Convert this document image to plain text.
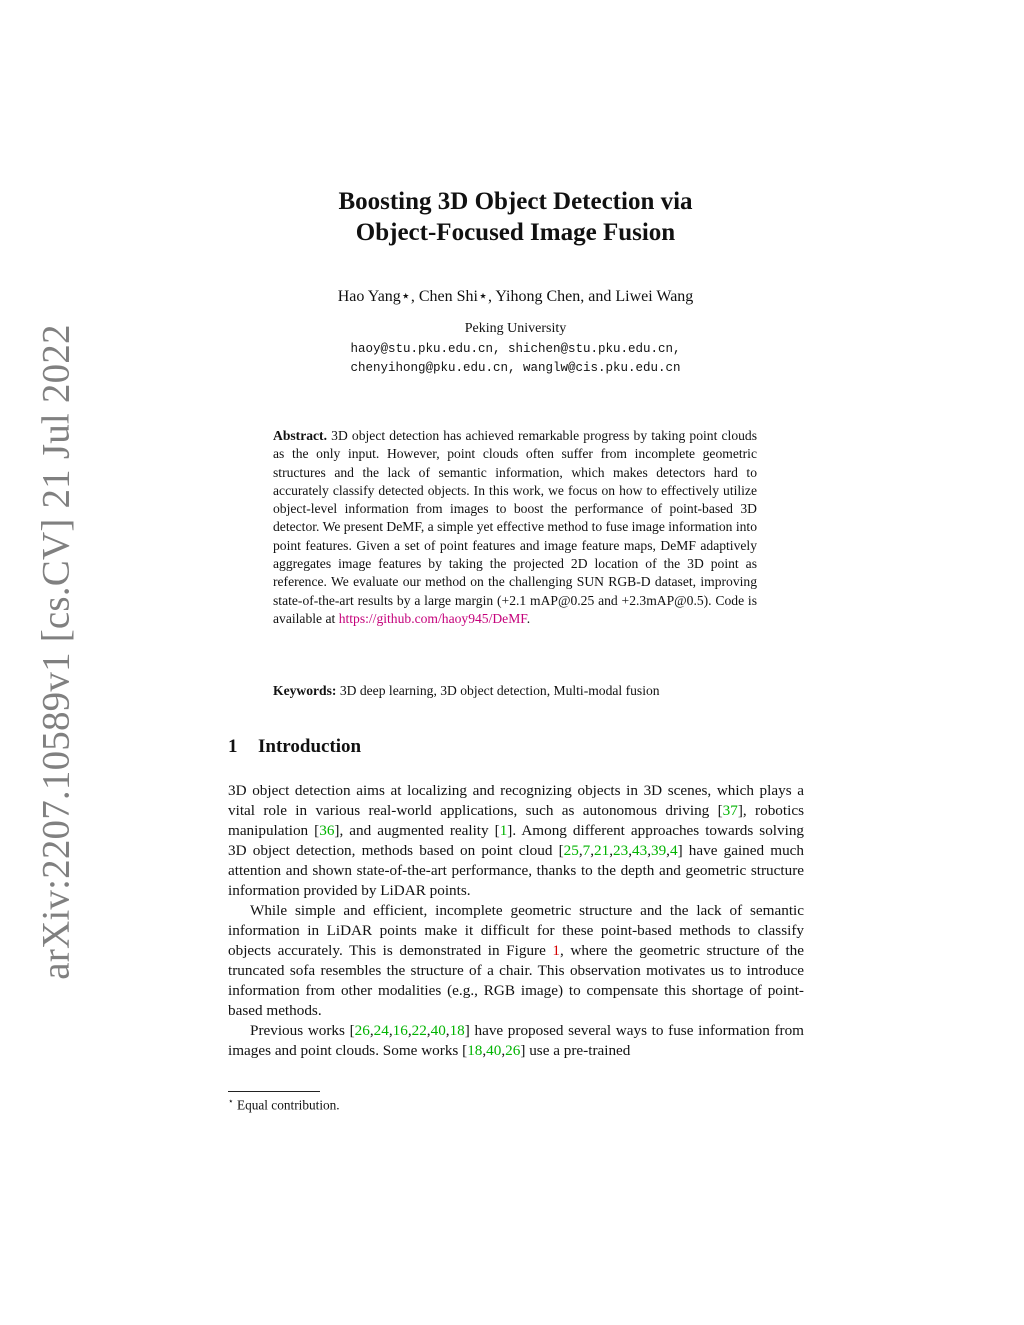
arXiv:2207.10589v1 [cs.CV] 21 Jul 2022
Boosting 3D Object Detection via
Object-Focused Image Fusion
Hao Yang⋆, Chen Shi⋆, Yihong Chen, and Liwei Wang
Peking University
haoy@stu.pku.edu.cn, shichen@stu.pku.edu.cn,
chenyihong@pku.edu.cn, wanglw@cis.pku.edu.cn
Abstract. 3D object detection has achieved remarkable progress by taking point clouds as the only input. However, point clouds often suffer from incomplete geometric structures and the lack of semantic information, which makes detectors hard to accurately classify detected objects. In this work, we focus on how to effectively utilize object-level information from images to boost the performance of point-based 3D detector. We present DeMF, a simple yet effective method to fuse image information into point features. Given a set of point features and image feature maps, DeMF adaptively aggregates image features by taking the projected 2D location of the 3D point as reference. We evaluate our method on the challenging SUN RGB-D dataset, improving state-of-the-art results by a large margin (+2.1 mAP@0.25 and +2.3mAP@0.5). Code is available at https://github.com/haoy945/DeMF.
Keywords: 3D deep learning, 3D object detection, Multi-modal fusion
1 Introduction

3D object detection aims at localizing and recognizing objects in 3D scenes, which plays a vital role in various real-world applications, such as autonomous driving [37], robotics manipulation [36], and augmented reality [1]. Among different approaches towards solving 3D object detection, methods based on point cloud [25,7,21,23,43,39,4] have gained much attention and shown state-of-the-art performance, thanks to the depth and geometric structure information provided by LiDAR points.

While simple and efficient, incomplete geometric structure and the lack of semantic information in LiDAR points make it difficult for these point-based methods to classify objects accurately. This is demonstrated in Figure 1, where the geometric structure of the truncated sofa resembles the structure of a chair. This observation motivates us to introduce information from other modalities (e.g., RGB image) to compensate this shortage of point-based methods.

Previous works [26,24,16,22,40,18] have proposed several ways to fuse information from images and point clouds. Some works [18,40,26] use a pre-trained

⋆ Equal contribution.
